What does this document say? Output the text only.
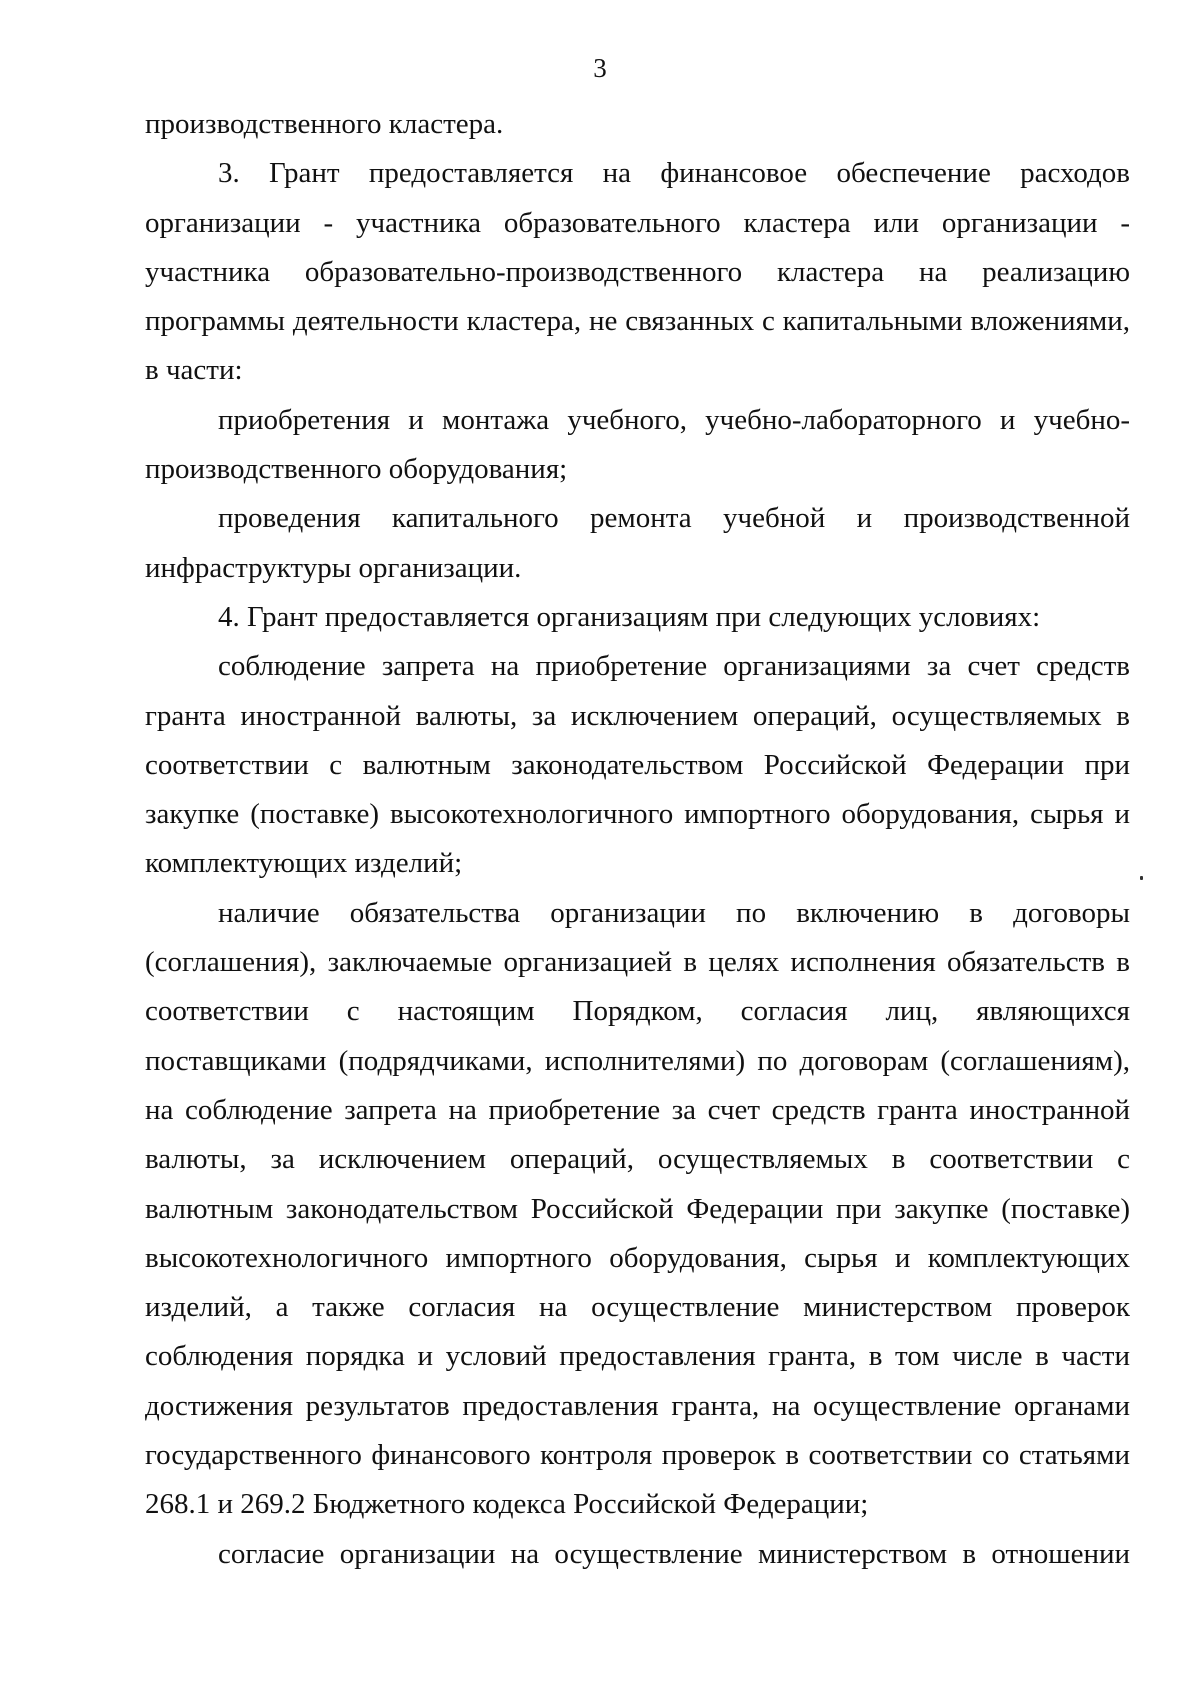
3

производственного кластера.

3. Грант предоставляется на финансовое обеспечение расходов организации - участника образовательного кластера или организации - участника образовательно-производственного кластера на реализацию программы деятельности кластера, не связанных с капитальными вложениями, в части:

приобретения и монтажа учебного, учебно-лабораторного и учебно-производственного оборудования;

проведения капитального ремонта учебной и производственной инфраструктуры организации.

4. Грант предоставляется организациям при следующих условиях:

соблюдение запрета на приобретение организациями за счет средств гранта иностранной валюты, за исключением операций, осуществляемых в соответствии с валютным законодательством Российской Федерации при закупке (поставке) высокотехнологичного импортного оборудования, сырья и комплектующих изделий;

наличие обязательства организации по включению в договоры (соглашения), заключаемые организацией в целях исполнения обязательств в соответствии с настоящим Порядком, согласия лиц, являющихся поставщиками (подрядчиками, исполнителями) по договорам (соглашениям), на соблюдение запрета на приобретение за счет средств гранта иностранной валюты, за исключением операций, осуществляемых в соответствии с валютным законодательством Российской Федерации при закупке (поставке) высокотехнологичного импортного оборудования, сырья и комплектующих изделий, а также согласия на осуществление министерством проверок соблюдения порядка и условий предоставления гранта, в том числе в части достижения результатов предоставления гранта, на осуществление органами государственного финансового контроля проверок в соответствии со статьями 268.1 и 269.2 Бюджетного кодекса Российской Федерации;

согласие организации на осуществление министерством в отношении
